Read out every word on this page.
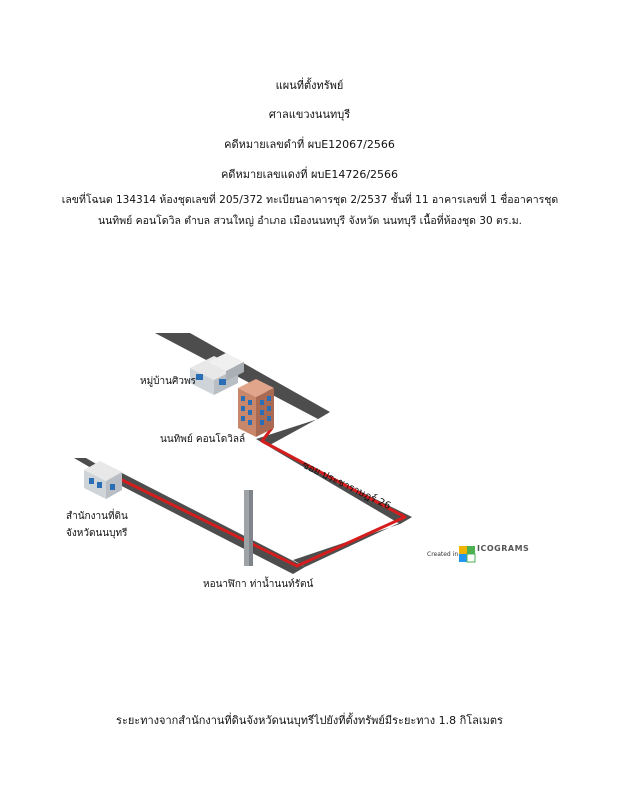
แผนที่ตั้งทรัพย์
ศาลแขวงนนทบุรี
คดีหมายเลขดำที่ ผบE12067/2566
คดีหมายเลขแดงที่ ผบE14726/2566
เลขที่โฉนด 134314 ห้องชุดเลขที่ 205/372 ทะเบียนอาคารชุด 2/2537 ชั้นที่ 11 อาคารเลขที่ 1 ชื่ออาคารชุด
นนทิพย์ คอนโดวิล ตำบล สวนใหญ่ อำเภอ เมืองนนทบุรี จังหวัด นนทบุรี เนื้อที่ห้องชุด 30 ตร.ม.
หมู่บ้านศิวพร
นนทิพย์ คอนโดวิลล์
ซอย ประชาราษฎร์ 26
สำนักงานที่ดิน
จังหวัดนนบุทรี
หอนาฬิกา ท่าน้ำนนท์รัตน์
Created in
ICOGRAMS
ระยะทางจากสำนักงานที่ดินจังหวัดนนบุทรีไปยังที่ตั้งทรัพย์มีระยะทาง 1.8 กิโลเมตร
